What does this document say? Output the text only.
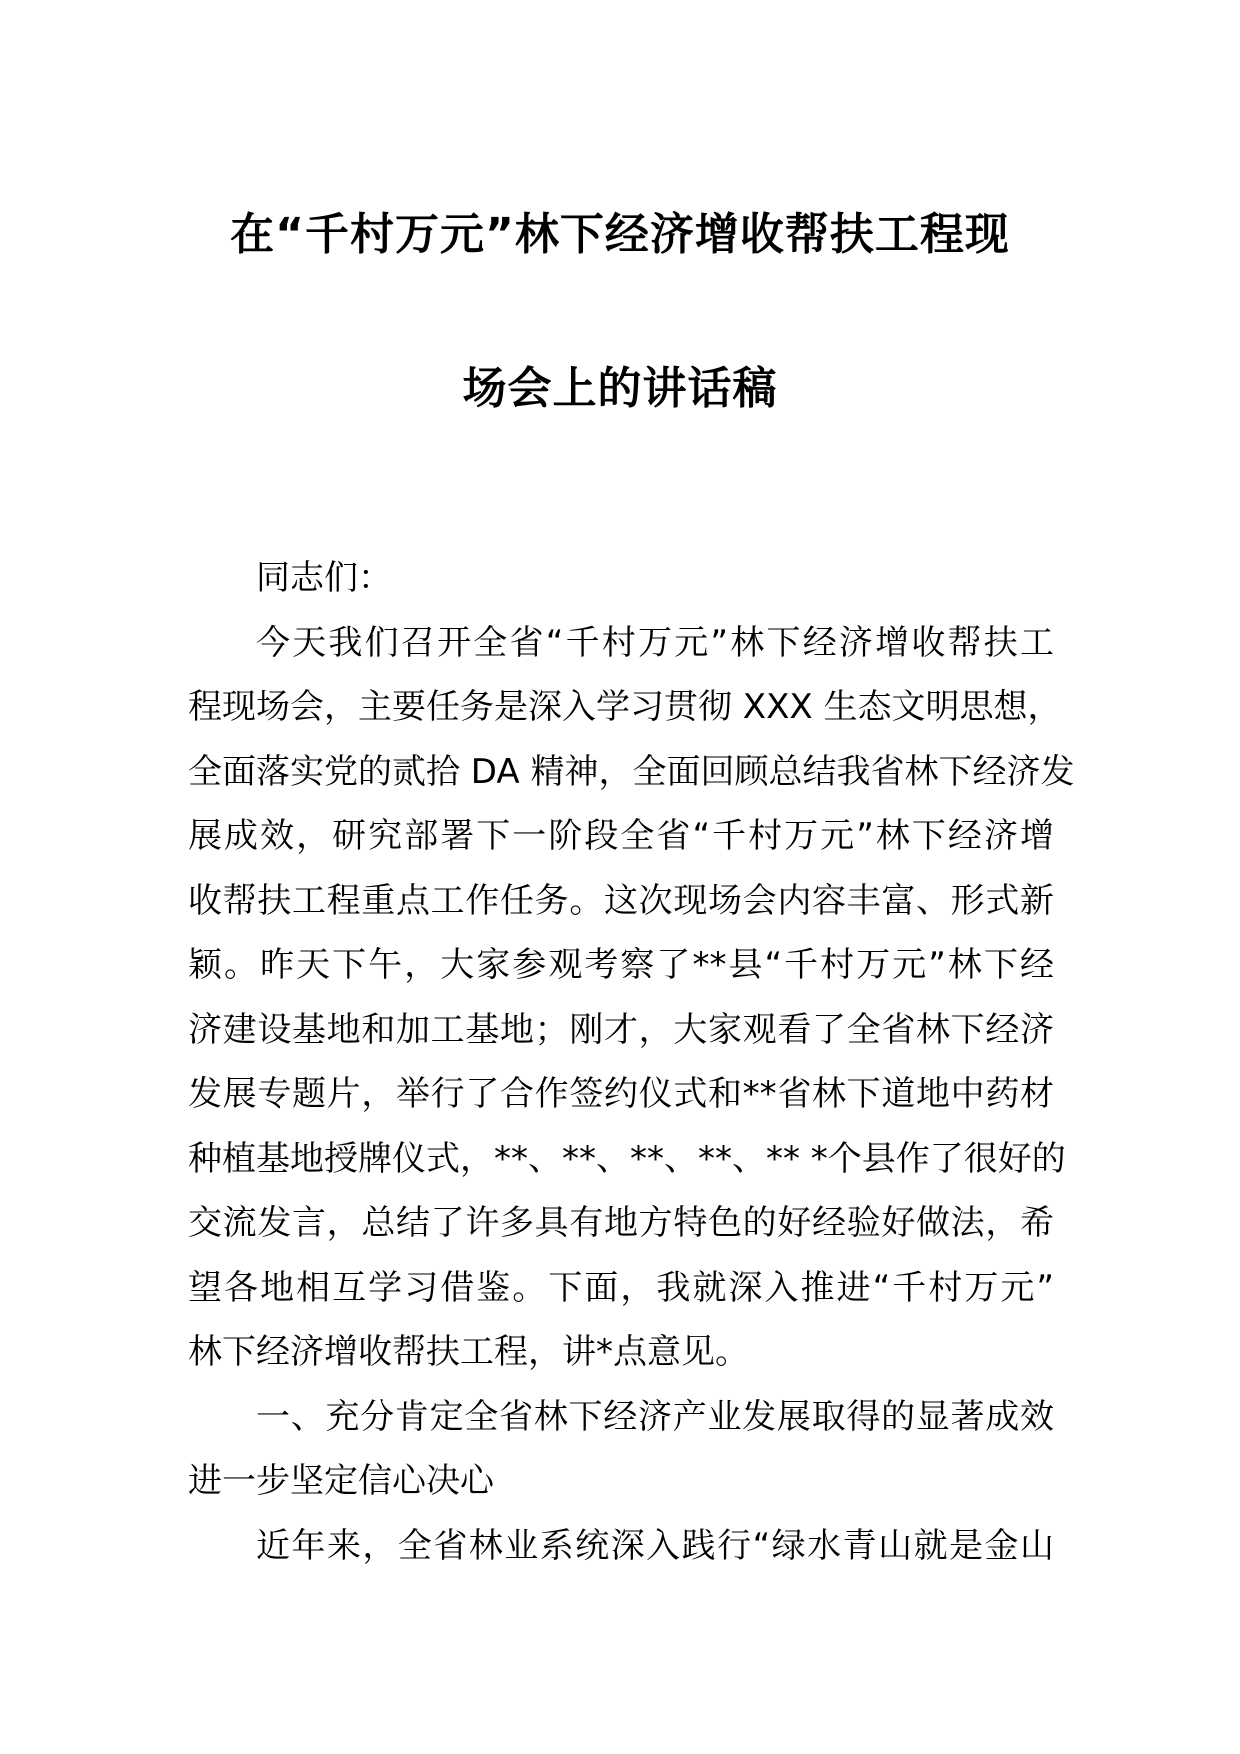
在“千村万元”林下经济增收帮扶工程现
场会上的讲话稿
同志们：
今天我们召开全省“千村万元”林下经济增收帮扶工
程现场会，主要任务是深入学习贯彻 XXX 生态文明思想，
全面落实党的贰拾 DA 精神，全面回顾总结我省林下经济发
展成效，研究部署下一阶段全省“千村万元”林下经济增
收帮扶工程重点工作任务。这次现场会内容丰富、形式新
颖。昨天下午，大家参观考察了**县“千村万元”林下经
济建设基地和加工基地；刚才，大家观看了全省林下经济
发展专题片，举行了合作签约仪式和**省林下道地中药材
种植基地授牌仪式，**、**、**、**、** *个县作了很好的
交流发言，总结了许多具有地方特色的好经验好做法，希
望各地相互学习借鉴。下面，我就深入推进“千村万元”
林下经济增收帮扶工程，讲*点意见。
一、充分肯定全省林下经济产业发展取得的显著成效
进一步坚定信心决心
近年来，全省林业系统深入践行“绿水青山就是金山
